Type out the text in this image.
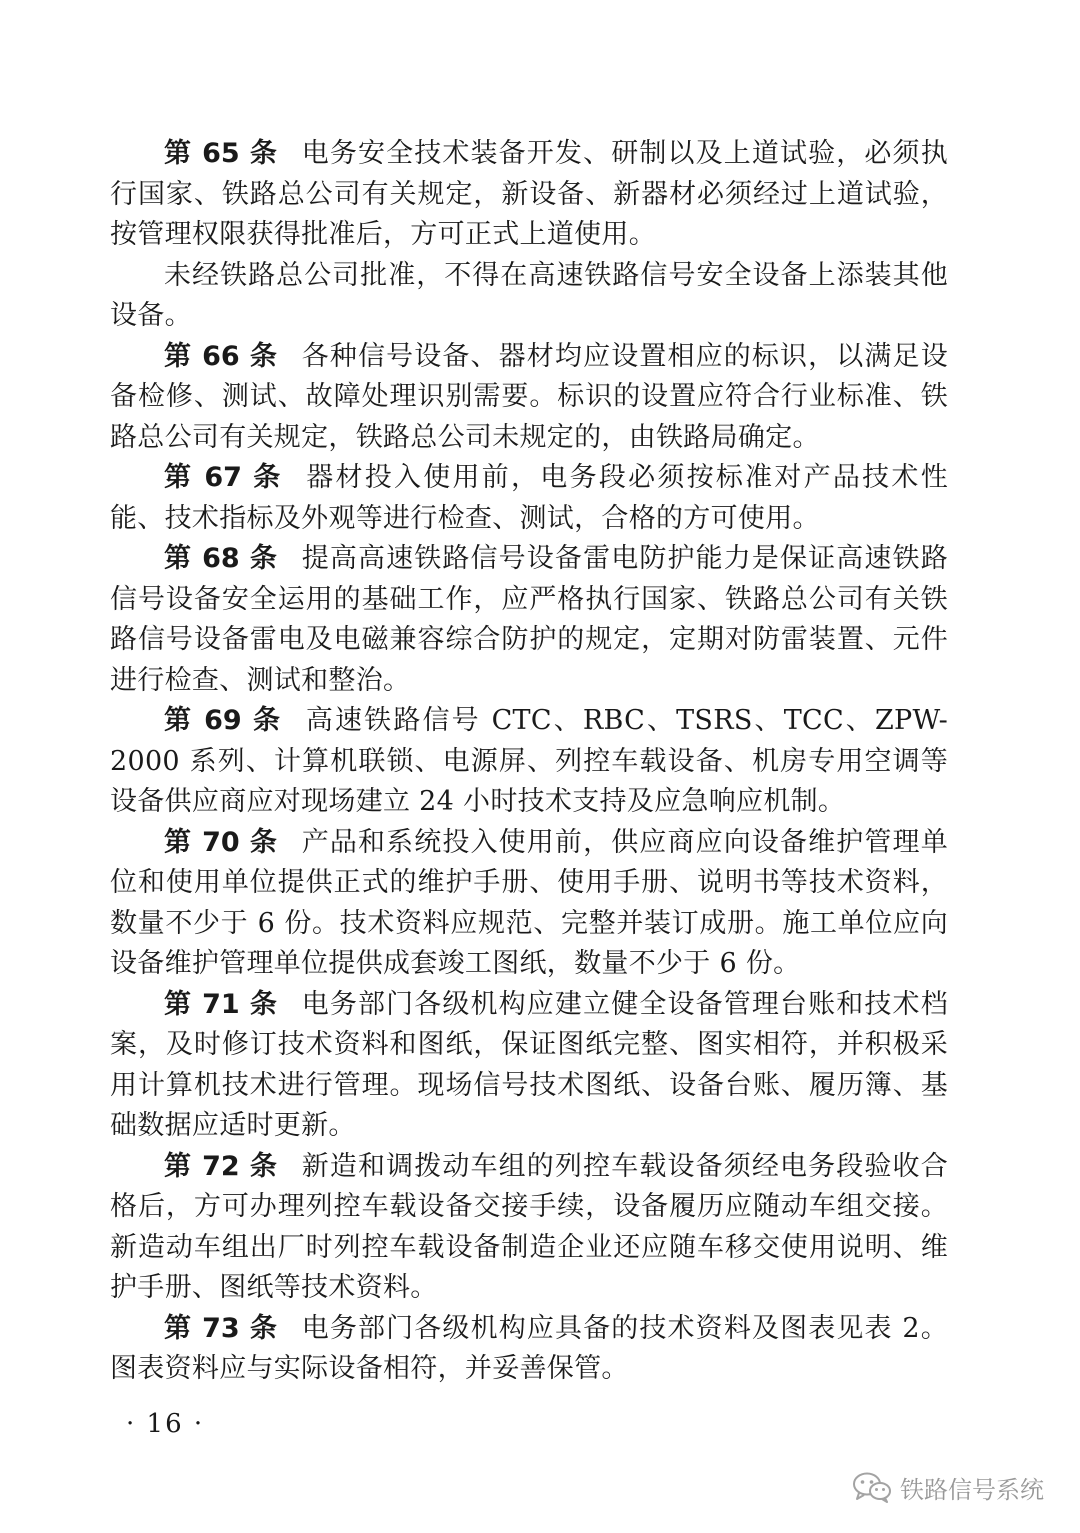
第 65 条 电务安全技术装备开发、研制以及上道试验，必须执行国家、铁路总公司有关规定，新设备、新器材必须经过上道试验，按管理权限获得批准后，方可正式上道使用。

未经铁路总公司批准，不得在高速铁路信号安全设备上添装其他设备。

第 66 条 各种信号设备、器材均应设置相应的标识，以满足设备检修、测试、故障处理识别需要。标识的设置应符合行业标准、铁路总公司有关规定，铁路总公司未规定的，由铁路局确定。

第 67 条 器材投入使用前，电务段必须按标准对产品技术性能、技术指标及外观等进行检查、测试，合格的方可使用。

第 68 条 提高高速铁路信号设备雷电防护能力是保证高速铁路信号设备安全运用的基础工作，应严格执行国家、铁路总公司有关铁路信号设备雷电及电磁兼容综合防护的规定，定期对防雷装置、元件进行检查、测试和整治。

第 69 条 高速铁路信号 CTC、RBC、TSRS、TCC、ZPW-2000 系列、计算机联锁、电源屏、列控车载设备、机房专用空调等设备供应商应对现场建立 24 小时技术支持及应急响应机制。

第 70 条 产品和系统投入使用前，供应商应向设备维护管理单位和使用单位提供正式的维护手册、使用手册、说明书等技术资料，数量不少于 6 份。技术资料应规范、完整并装订成册。施工单位应向设备维护管理单位提供成套竣工图纸，数量不少于 6 份。

第 71 条 电务部门各级机构应建立健全设备管理台账和技术档案，及时修订技术资料和图纸，保证图纸完整、图实相符，并积极采用计算机技术进行管理。现场信号技术图纸、设备台账、履历簿、基础数据应适时更新。

第 72 条 新造和调拨动车组的列控车载设备须经电务段验收合格后，方可办理列控车载设备交接手续，设备履历应随动车组交接。新造动车组出厂时列控车载设备制造企业还应随车移交使用说明、维护手册、图纸等技术资料。

第 73 条 电务部门各级机构应具备的技术资料及图表见表 2。图表资料应与实际设备相符，并妥善保管。

· 16 ·
铁路信号系统
